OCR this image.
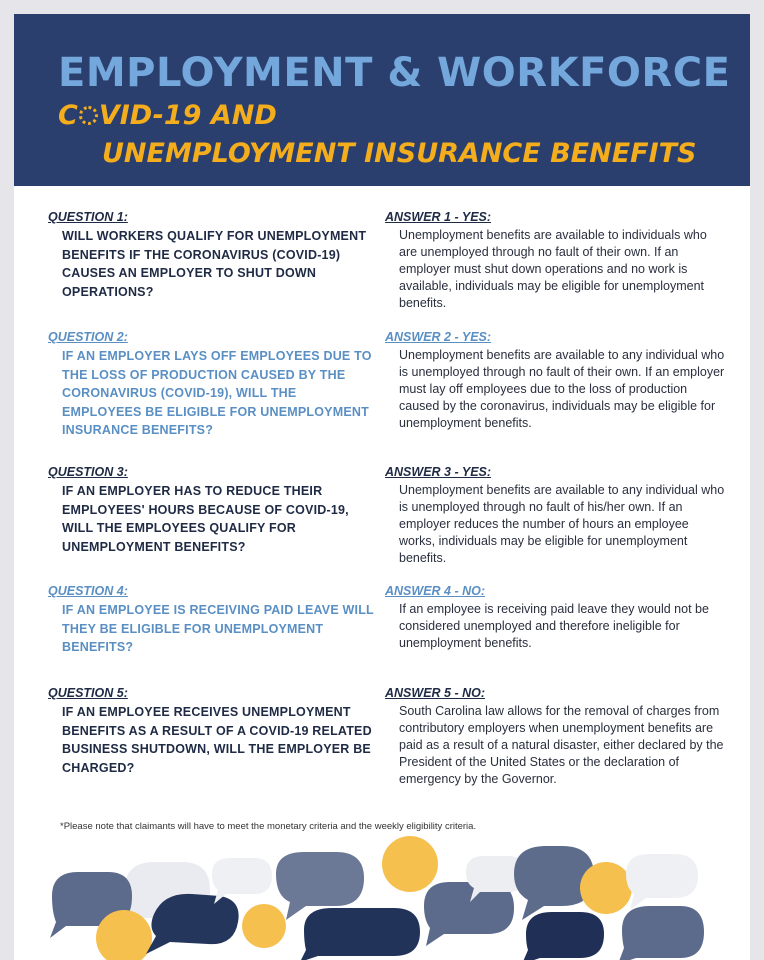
EMPLOYMENT & WORKFORCE
C VID-19 AND
UNEMPLOYMENT INSURANCE BENEFITS
QUESTION 1:
WILL WORKERS QUALIFY FOR UNEMPLOYMENT BENEFITS IF THE CORONAVIRUS (COVID-19) CAUSES AN EMPLOYER TO SHUT DOWN OPERATIONS?
ANSWER 1 - YES:
Unemployment benefits are available to individuals who are unemployed through no fault of their own. If an employer must shut down operations and no work is available, individuals may be eligible for unemployment benefits.
QUESTION 2:
IF AN EMPLOYER LAYS OFF EMPLOYEES DUE TO THE LOSS OF PRODUCTION CAUSED BY THE CORONAVIRUS (COVID-19), WILL THE EMPLOYEES BE ELIGIBLE FOR UNEMPLOYMENT INSURANCE BENEFITS?
ANSWER 2 - YES:
Unemployment benefits are available to any individual who is unemployed through no fault of their own. If an employer must lay off employees due to the loss of production caused by the coronavirus, individuals may be eligible for unemployment benefits.
QUESTION 3:
IF AN EMPLOYER HAS TO REDUCE THEIR EMPLOYEES' HOURS BECAUSE OF COVID-19, WILL THE EMPLOYEES QUALIFY FOR UNEMPLOYMENT BENEFITS?
ANSWER 3 - YES:
Unemployment benefits are available to any individual who is unemployed through no fault of his/her own. If an employer reduces the number of hours an employee works, individuals may be eligible for unemployment benefits.
QUESTION 4:
IF AN EMPLOYEE IS RECEIVING PAID LEAVE WILL THEY BE ELIGIBLE FOR UNEMPLOYMENT BENEFITS?
ANSWER 4 - NO:
If an employee is receiving paid leave they would not be considered unemployed and therefore ineligible for unemployment benefits.
QUESTION 5:
IF AN EMPLOYEE RECEIVES UNEMPLOYMENT BENEFITS AS A RESULT OF A COVID-19 RELATED BUSINESS SHUTDOWN, WILL THE EMPLOYER BE CHARGED?
ANSWER 5 - NO:
South Carolina law allows for the removal of charges from contributory employers when unemployment benefits are paid as a result of a natural disaster, either declared by the President of the United States or the declaration of emergency by the Governor.
*Please note that claimants will have to meet the monetary criteria and the weekly eligibility criteria.
